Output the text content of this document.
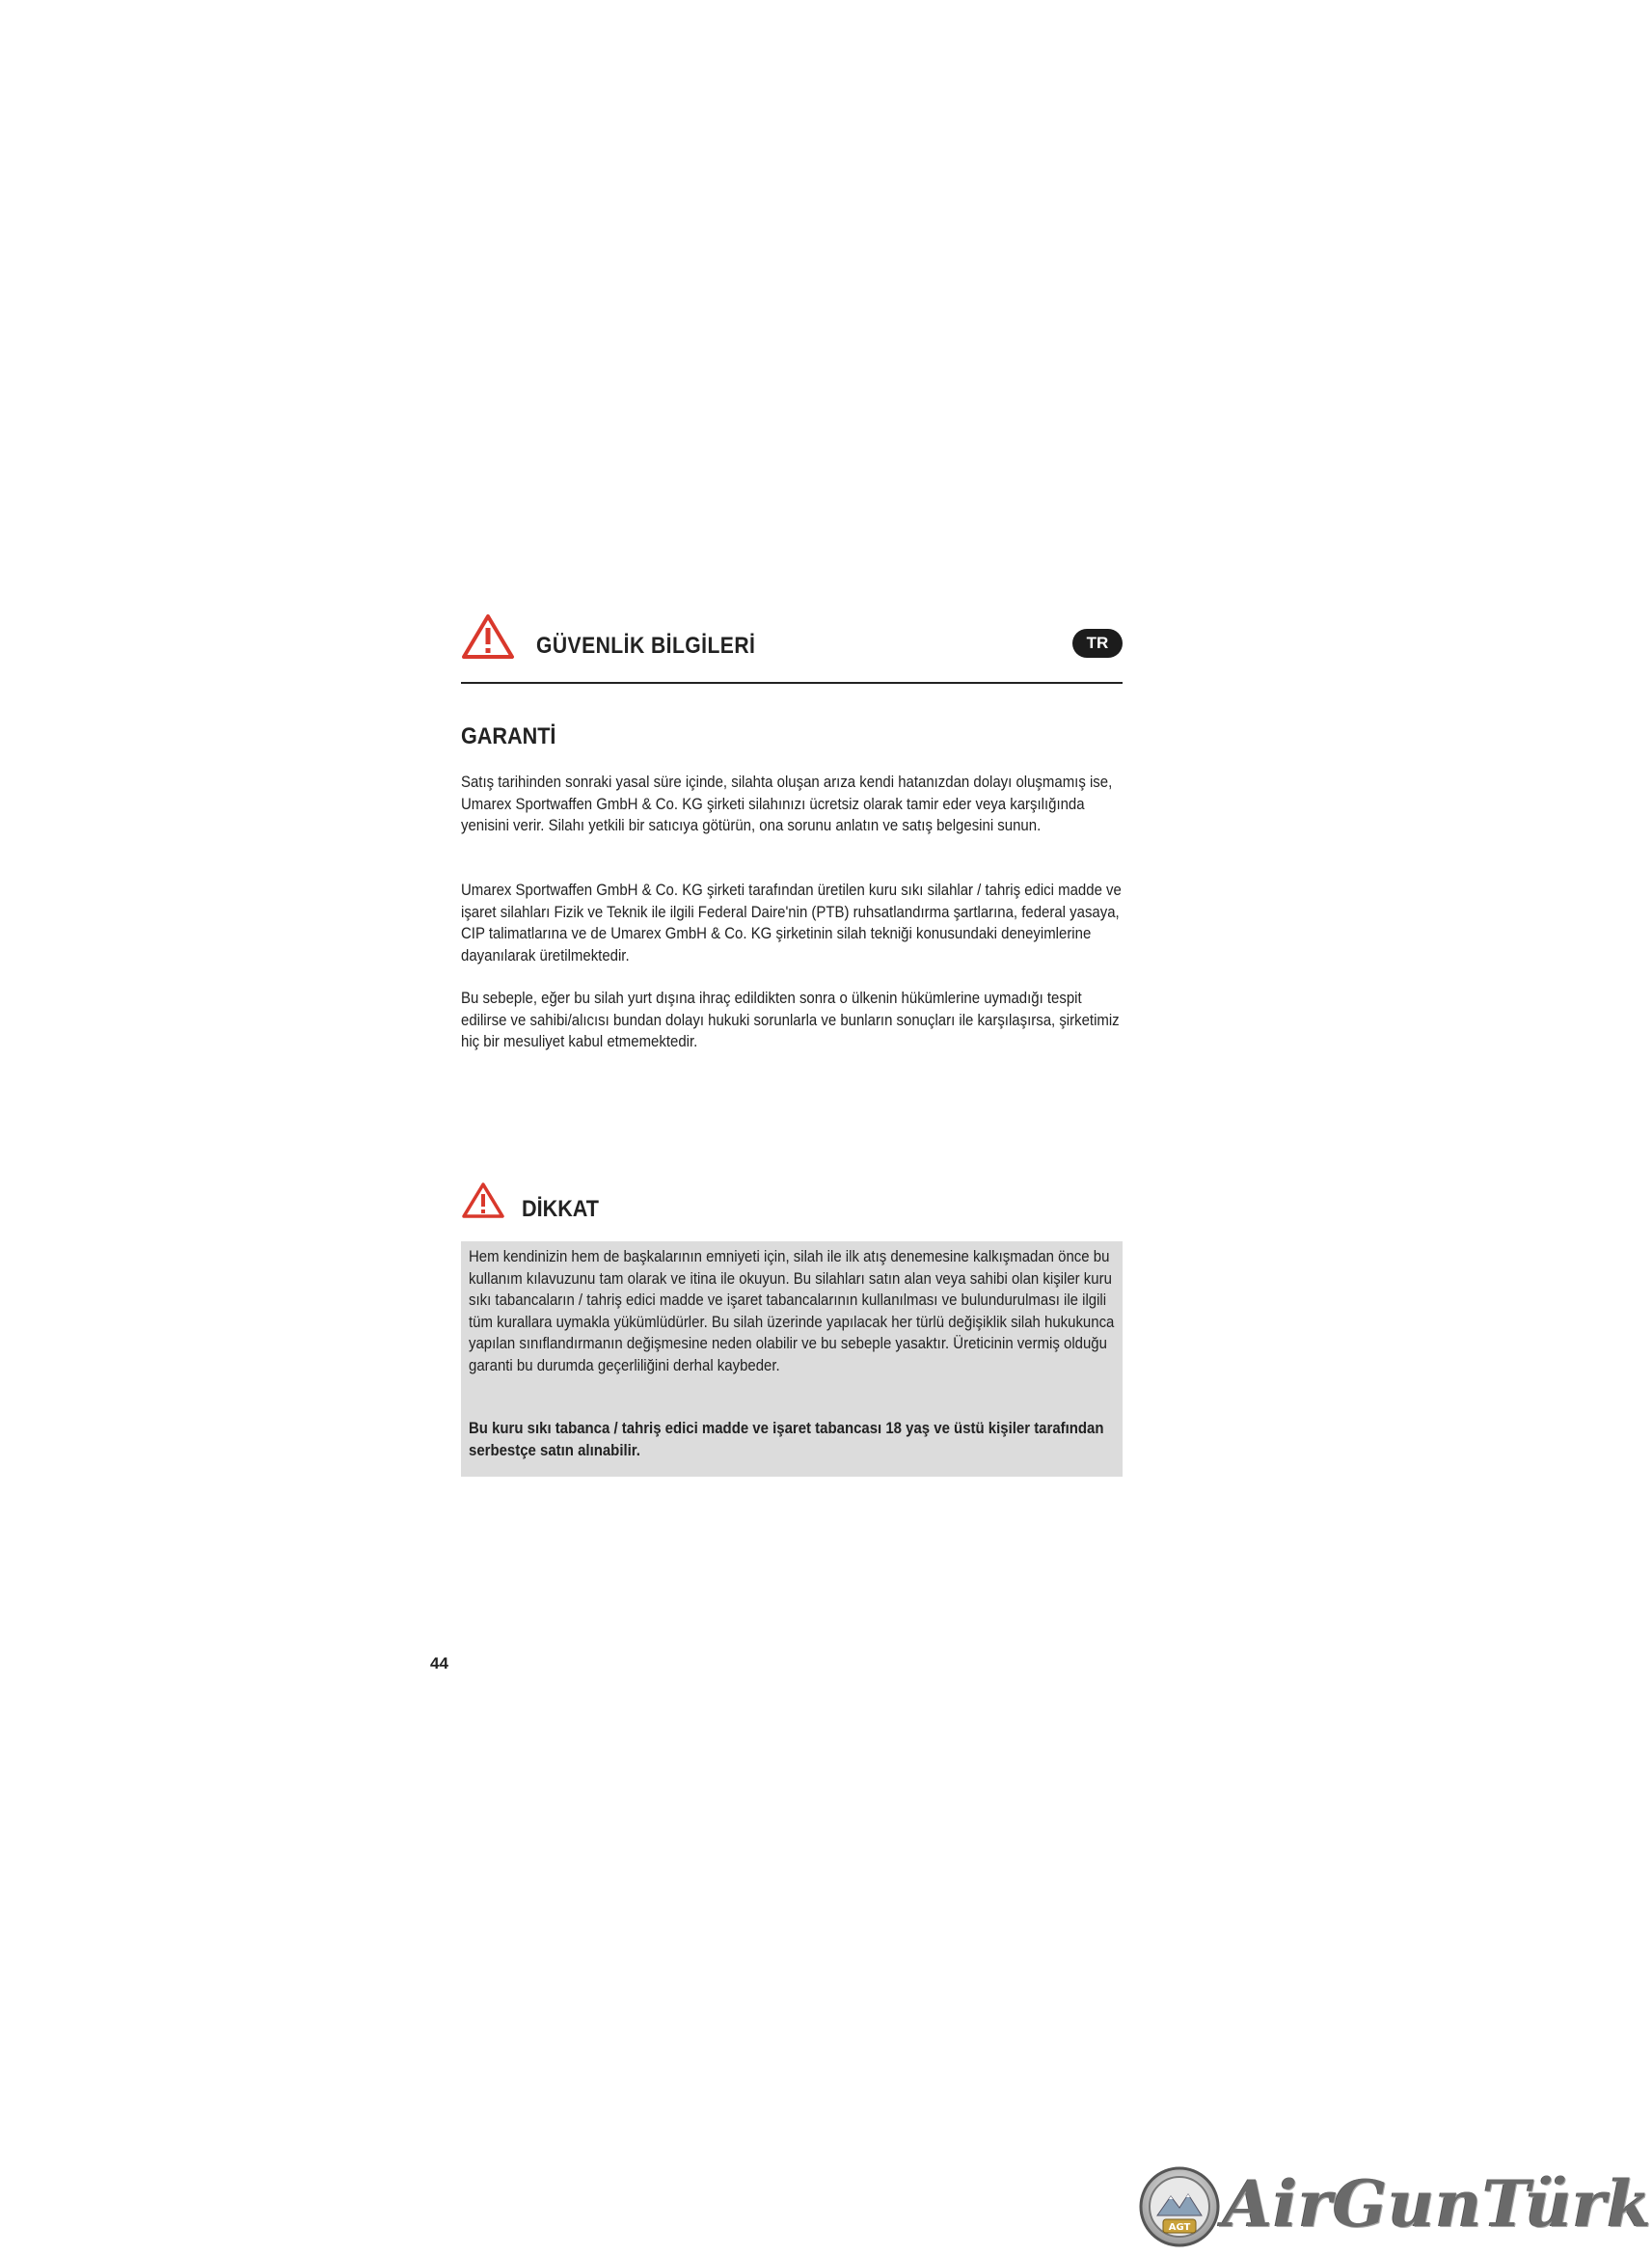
GÜVENLİK BİLGİLERİ	TR
GARANTİ

Satış tarihinden sonraki yasal süre içinde, silahta oluşan arıza kendi hatanızdan dolayı oluşmamış ise, Umarex Sportwaffen GmbH & Co. KG şirketi silahınızı ücretsiz olarak tamir eder veya karşılığında yenisini verir. Silahı yetkili bir satıcıya götürün, ona sorunu anlatın ve satış belgesini sunun.

Umarex Sportwaffen GmbH & Co. KG şirketi tarafından üretilen kuru sıkı silahlar / tahriş edici madde ve işaret silahları Fizik ve Teknik ile ilgili Federal Daire'nin (PTB) ruhsatlandırma şartlarına, federal yasaya, CIP talimatlarına ve de Umarex GmbH & Co. KG şirketinin silah tekniği konusundaki deneyimlerine dayanılarak üretilmektedir.

Bu sebeple, eğer bu silah yurt dışına ihraç edildikten sonra o ülkenin hükümlerine uymadığı tespit edilirse ve sahibi/alıcısı bundan dolayı hukuki sorunlarla ve bunların sonuçları ile karşılaşırsa, şirketimiz hiç bir mesuliyet kabul etmemektedir.

DİKKAT

Hem kendinizin hem de başkalarının emniyeti için, silah ile ilk atış denemesine kalkışmadan önce bu kullanım kılavuzunu tam olarak ve itina ile okuyun. Bu silahları satın alan veya sahibi olan kişiler kuru sıkı tabancaların / tahriş edici madde ve işaret tabancalarının kullanılması ve bulundurulması ile ilgili tüm kurallara uymakla yükümlüdürler. Bu silah üzerinde yapılacak her türlü değişiklik silah hukukunca yapılan sınıflandırmanın değişmesine neden olabilir ve bu sebeple yasaktır. Üreticinin vermiş olduğu garanti bu durumda geçerliliğini derhal kaybeder.

Bu kuru sıkı tabanca / tahriş edici madde ve işaret tabancası 18 yaş ve üstü kişiler tarafından serbestçe satın alınabilir.

44
AGT AirGunTürk
